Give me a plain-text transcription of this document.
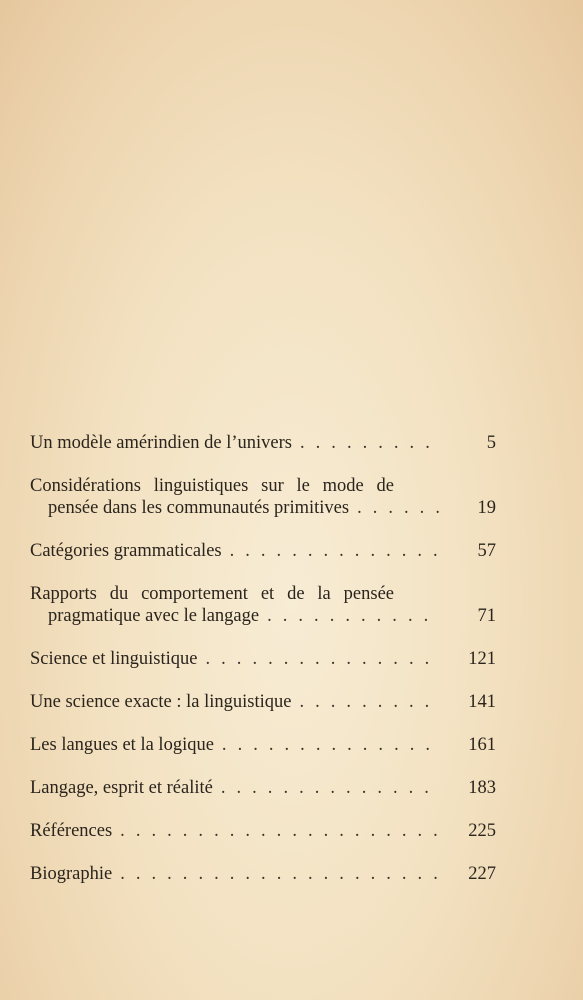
Un modèle amérindien de l’univers . . .	5
Considérations linguistiques sur le mode de
pensée dans les communautés primitives . . .	19
Catégories grammaticales . . .	57
Rapports du comportement et de la pensée
pragmatique avec le langage . . .	71
Science et linguistique . . .	121
Une science exacte : la linguistique . . .	141
Les langues et la logique . . .	161
Langage, esprit et réalité . . .	183
Références . . .	225
Biographie . . .	227
